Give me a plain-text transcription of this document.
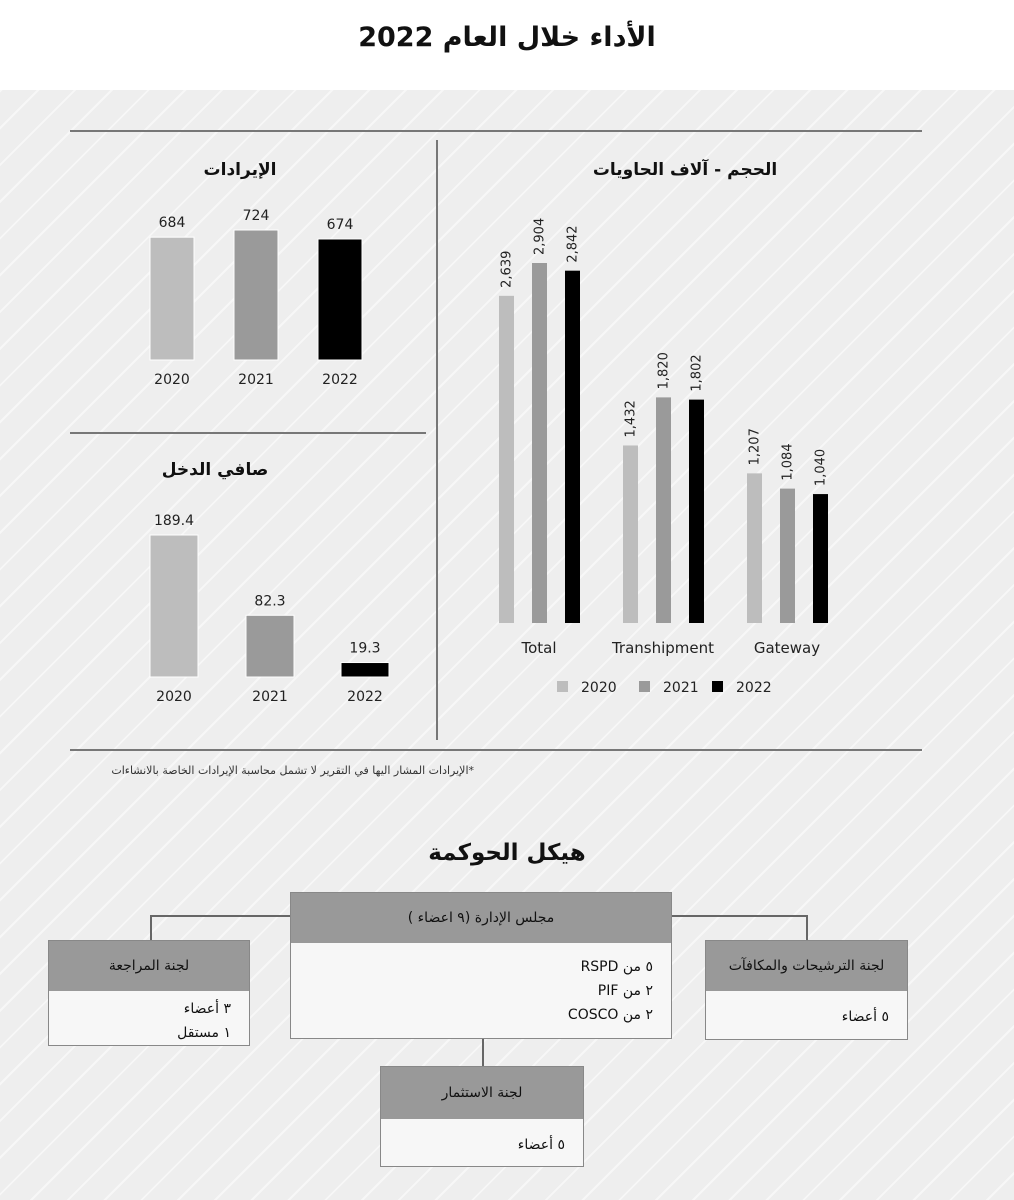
الأداء خلال العام 2022
الإيرادات
صافي الدخل
الحجم - آلاف الحاويات
684
2020
724
2021
674
2022
189.4
2020
82.3
2021
19.3
2022
2,639
2,904 2,842
Total
1,432
1,820 1,802
Transhipment
1,207 1,084 1,040
Gateway
2020	2021	2022
*الإيرادات المشار اليها في التقرير لا تشمل محاسبة الإيرادات الخاصة بالانشاءات
هيكل الحوكمة
مجلس الإدارة (٩ اعضاء )
٥ من RSPD
٢ من PIF
٢ من COSCO
لجنة المراجعة
٣ أعضاء
١ مستقل
لجنة الترشيحات والمكافآت
٥ أعضاء
لجنة الاستثمار
٥ أعضاء
